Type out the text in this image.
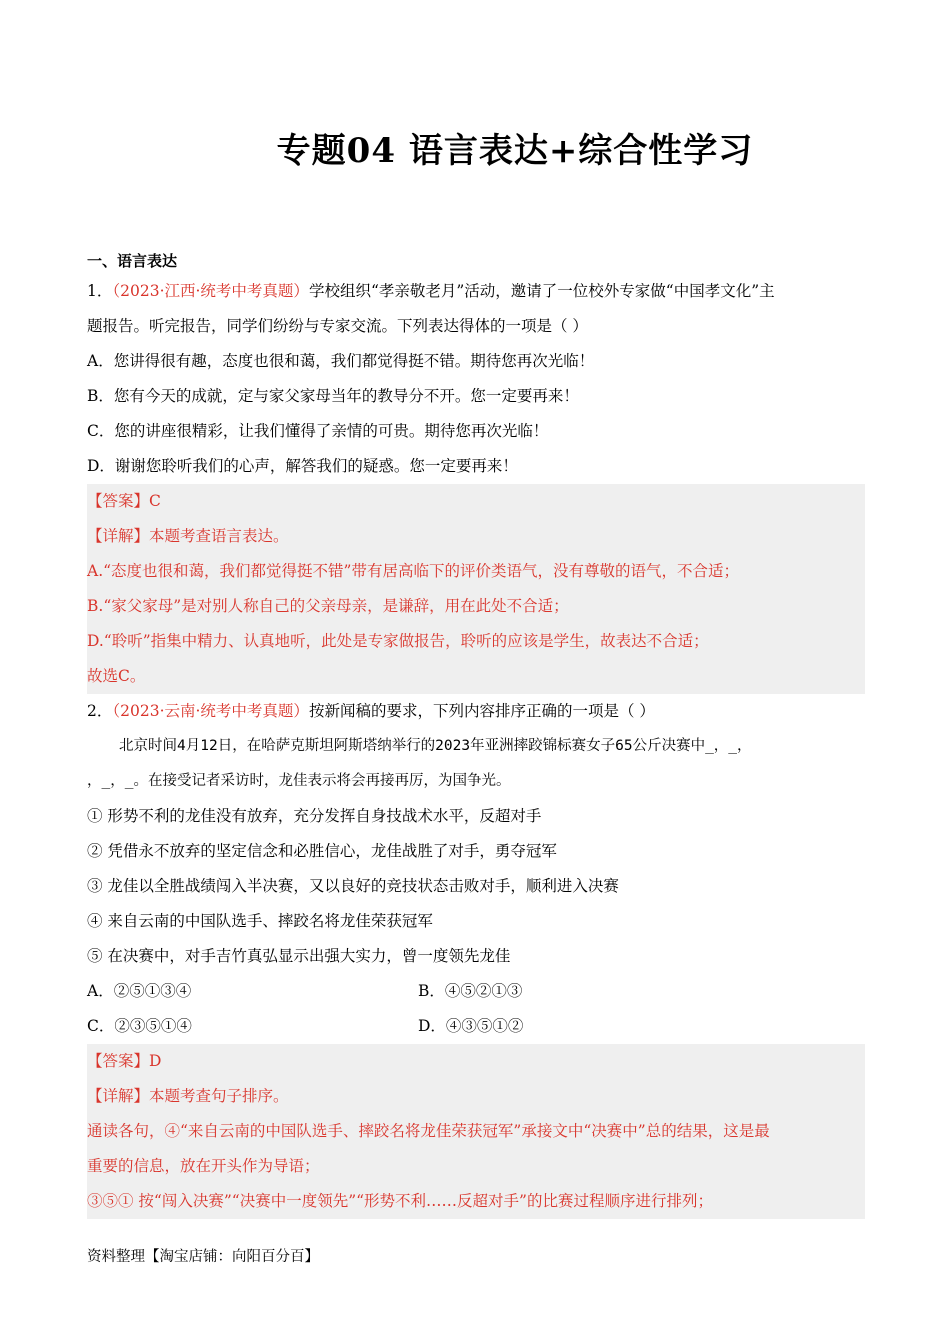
专题04 语言表达+综合性学习
一、语言表达
1．（2023·江西·统考中考真题）学校组织“孝亲敬老月”活动，邀请了一位校外专家做“中国孝文化”主
题报告。听完报告，同学们纷纷与专家交流。下列表达得体的一项是（ ）
A．您讲得很有趣，态度也很和蔼，我们都觉得挺不错。期待您再次光临！
B．您有今天的成就，定与家父家母当年的教导分不开。您一定要再来！
C．您的讲座很精彩，让我们懂得了亲情的可贵。期待您再次光临！
D．谢谢您聆听我们的心声，解答我们的疑惑。您一定要再来！
【答案】C
【详解】本题考查语言表达。
A.“态度也很和蔼，我们都觉得挺不错”带有居高临下的评价类语气，没有尊敬的语气，不合适；
B.“家父家母”是对别人称自己的父亲母亲，是谦辞，用在此处不合适；
D.“聆听”指集中精力、认真地听，此处是专家做报告，聆听的应该是学生，故表达不合适；
故选C。
2．（2023·云南·统考中考真题）按新闻稿的要求，下列内容排序正确的一项是（ ）
北京时间4月12日，在哈萨克斯坦阿斯塔纳举行的2023年亚洲摔跤锦标赛女子65公斤决赛中_，_，
，_，_。在接受记者采访时，龙佳表示将会再接再厉，为国争光。
① 形势不利的龙佳没有放弃，充分发挥自身技战术水平，反超对手
② 凭借永不放弃的坚定信念和必胜信心，龙佳战胜了对手，勇夺冠军
③ 龙佳以全胜战绩闯入半决赛，又以良好的竞技状态击败对手，顺利进入决赛
④ 来自云南的中国队选手、摔跤名将龙佳荣获冠军
⑤ 在决赛中，对手吉竹真弘显示出强大实力，曾一度领先龙佳
A．②⑤①③④	B．④⑤②①③
C．②③⑤①④	D．④③⑤①②
【答案】D
【详解】本题考查句子排序。
通读各句，④“来自云南的中国队选手、摔跤名将龙佳荣获冠军”承接文中“决赛中”总的结果，这是最
重要的信息，放在开头作为导语；
③⑤① 按“闯入决赛”“决赛中一度领先”“形势不利……反超对手”的比赛过程顺序进行排列；
资料整理【淘宝店铺：向阳百分百】
